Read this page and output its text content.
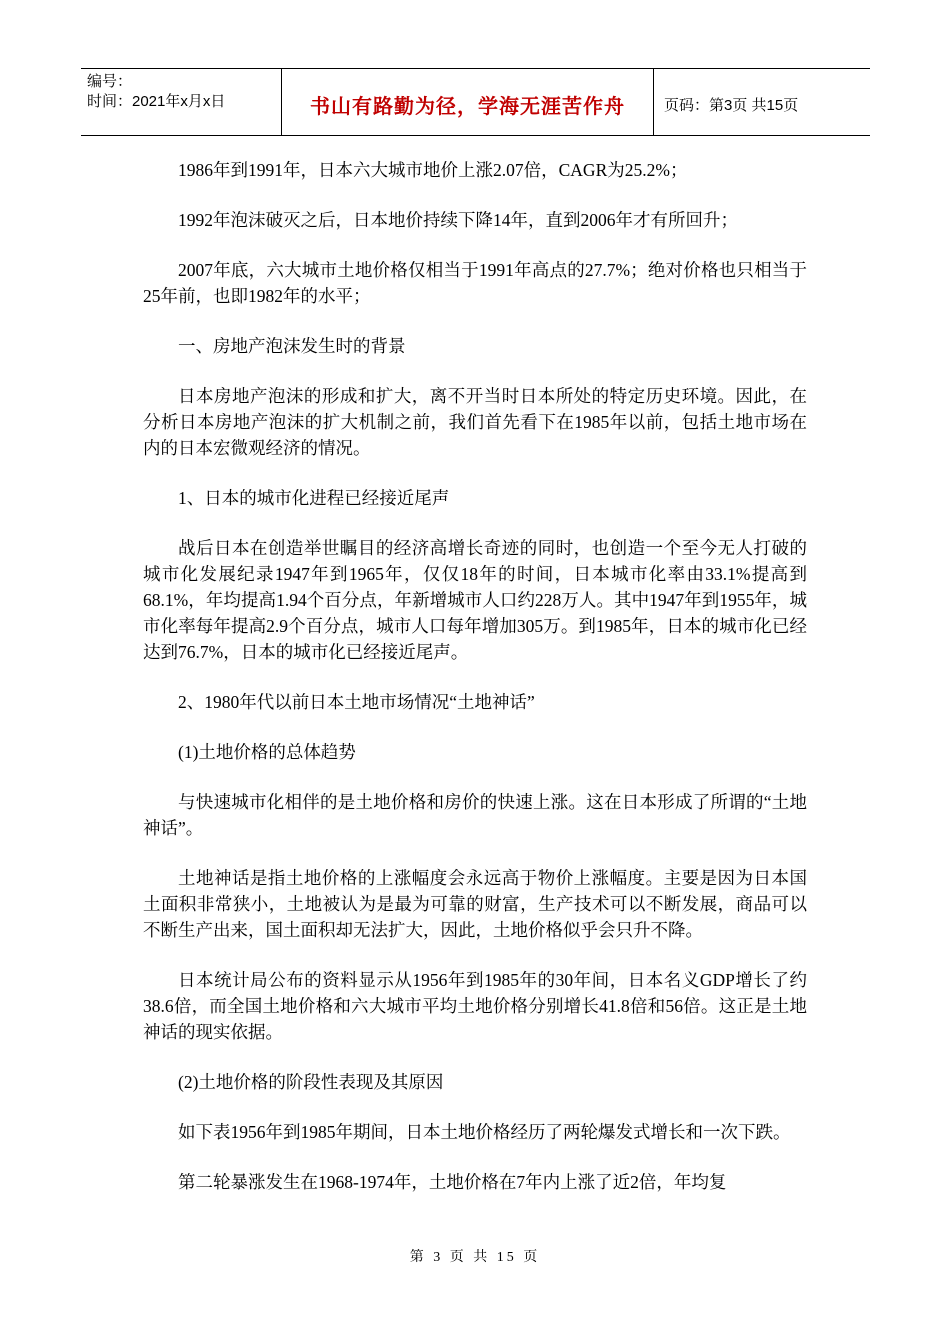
编号：
时间：2021年x月x日	书山有路勤为径，学海无涯苦作舟	页码：第3页 共15页

1986年到1991年，日本六大城市地价上涨2.07倍，CAGR为25.2%；

1992年泡沫破灭之后，日本地价持续下降14年，直到2006年才有所回升；

2007年底，六大城市土地价格仅相当于1991年高点的27.7%；绝对价格也只相当于25年前，也即1982年的水平；

一、房地产泡沫发生时的背景

日本房地产泡沫的形成和扩大，离不开当时日本所处的特定历史环境。因此，在分析日本房地产泡沫的扩大机制之前，我们首先看下在1985年以前，包括土地市场在内的日本宏微观经济的情况。

1、日本的城市化进程已经接近尾声

战后日本在创造举世瞩目的经济高增长奇迹的同时，也创造一个至今无人打破的城市化发展纪录1947年到1965年，仅仅18年的时间，日本城市化率由33.1%提高到68.1%，年均提高1.94个百分点，年新增城市人口约228万人。其中1947年到1955年，城市化率每年提高2.9个百分点，城市人口每年增加305万。到1985年，日本的城市化已经达到76.7%，日本的城市化已经接近尾声。

2、1980年代以前日本土地市场情况“土地神话”

(1)土地价格的总体趋势

与快速城市化相伴的是土地价格和房价的快速上涨。这在日本形成了所谓的“土地神话”。

土地神话是指土地价格的上涨幅度会永远高于物价上涨幅度。主要是因为日本国土面积非常狭小，土地被认为是最为可靠的财富，生产技术可以不断发展，商品可以不断生产出来，国土面积却无法扩大，因此，土地价格似乎会只升不降。

日本统计局公布的资料显示从1956年到1985年的30年间，日本名义GDP增长了约38.6倍，而全国土地价格和六大城市平均土地价格分别增长41.8倍和56倍。这正是土地神话的现实依据。

(2)土地价格的阶段性表现及其原因

如下表1956年到1985年期间，日本土地价格经历了两轮爆发式增长和一次下跌。

第二轮暴涨发生在1968-1974年，土地价格在7年内上涨了近2倍，年均复

第 3 页 共 15 页
